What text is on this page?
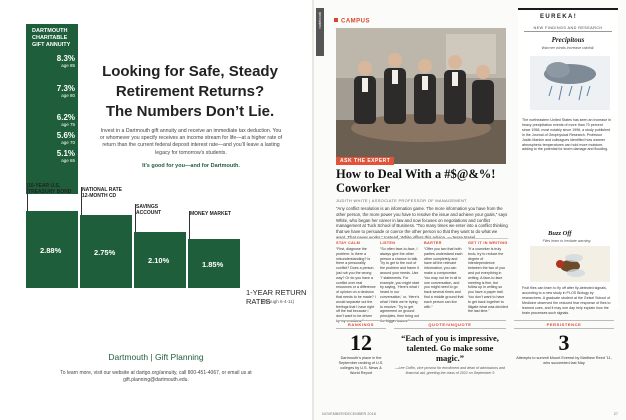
DARTMOUTH
CHARITABLE
GIFT ANNUITY
8.3%
age 85
7.3%
age 80
6.2%
age 75
5.6%
age 70
5.1%
age 65
Looking for Safe, Steady
Retirement Returns?
The Numbers Don’t Lie.
Invest in a Dartmouth gift annuity and receive an immediate tax deduction. You or whomever you specify receives an income stream for life—at a higher rate of return than the current federal deposit interest rate—and you’ll leave a lasting legacy for tomorrow’s students.
It’s good for you—and for Dartmouth.
2.88%
10-YEAR U.S. TREASURY BOND
2.75%
NATIONAL RATE 12-MONTH CD
2.10%
SAVINGS ACCOUNT
1.85%
MONEY MARKET
1-YEAR RETURN RATES
(through 6-4-11)
Dartmouth | Gift Planning
To learn more, visit our website at dartgo.org/annuity, call 800-451-4067, or email us at gift.planning@dartmouth.edu.
notebook	CAMPUS
ASK THE EXPERT
How to Deal With a #$@&%! Coworker
JUDITH WHITE | ASSOCIATE PROFESSOR OF MANAGEMENT
“Any conflict resolution is an information game. The more information you have from the other person, the more power you have to resolve the issue and achieve your goals,” says White, who began her career in law and now focuses on negotiations and conflict management at Tuck School of Business. “Too many times we enter into a conflict thinking that we have to persuade or coerce the other person so that they want to do what we want. That never works.” Instead, White offers this advice. —Jesse Nasel
STAY CALM
“First, diagnose the problem: Is there a misunderstanding? Is there a personality conflict? Does a person just rub you the wrong way? Or do you have a conflict over real resources or a difference of opinion on a decision that needs to be made? I would separate out the feelings that I have right off the bat because I don’t want to be driven by my emotions.”
LISTEN
“So often face-to-face, I always give the other person a chance to talk. Try to get to the root of the problem and frame it around your needs. Use ‘I’ statements. For example, you might start by saying, ‘Here’s what I heard in our conversation,’ or, ‘Here’s what I think we’re trying to resolve.’ Try to get agreement on ground principles, then bring out the bigger issues.”
BARTER
“Offer you two that both parties understand each other completely and have all the relevant information, you can make a compromise. You may not be in all in one conversation, and you might need to go back several times and find a middle ground that each person can live with.”
GET IT IN WRITING
“If a coworker is truly toxic, try to reduce the degree of interdependence between the two of you and put everything in writing. A face-to-face meeting is fine, but follow up in writing so you have a paper trail. You don’t want to have to get back together to litigate what was decided the last time.”
EUREKA!
NEW FINDINGS AND RESEARCH
Precipitous
Warmer winds increase rainfall.
The northeastern United States has seen an increase in heavy precipitation events of more than 70 percent since 1958, most notably since 1996, a study published in the Journal of Geophysical Research. Professor Justin Mankin and colleagues identified how warmer atmospheric temperatures can hold more moisture, adding to the potential for storm damage and flooding.
Buzz Off
Flies learn to hesitate warning.
Fruit flies can learn to fly off after fly-detected signals, according to a new study in PLOS Biology by researchers. A graduate student at the Geisel School of Medicine observed the reduced fear response of flies to learned cues, and it may one day help explain how the brain processes such signals.
RANKINGS
12
Dartmouth’s place in the September ranking of U.S. colleges by U.S. News & World Report
QUOTE/UNQUOTE
“Each of you is impressive, talented. Go make some magic.”
—Lee Coffin, vice provost for enrollment and dean of admissions and financial aid, greeting the class of 2022 on September 9
PERSISTENCE
3
Attempts to summit Mount Everest by Matthew Reed ’11, who succeeded last May
NOVEMBER/DECEMBER 2018	27
